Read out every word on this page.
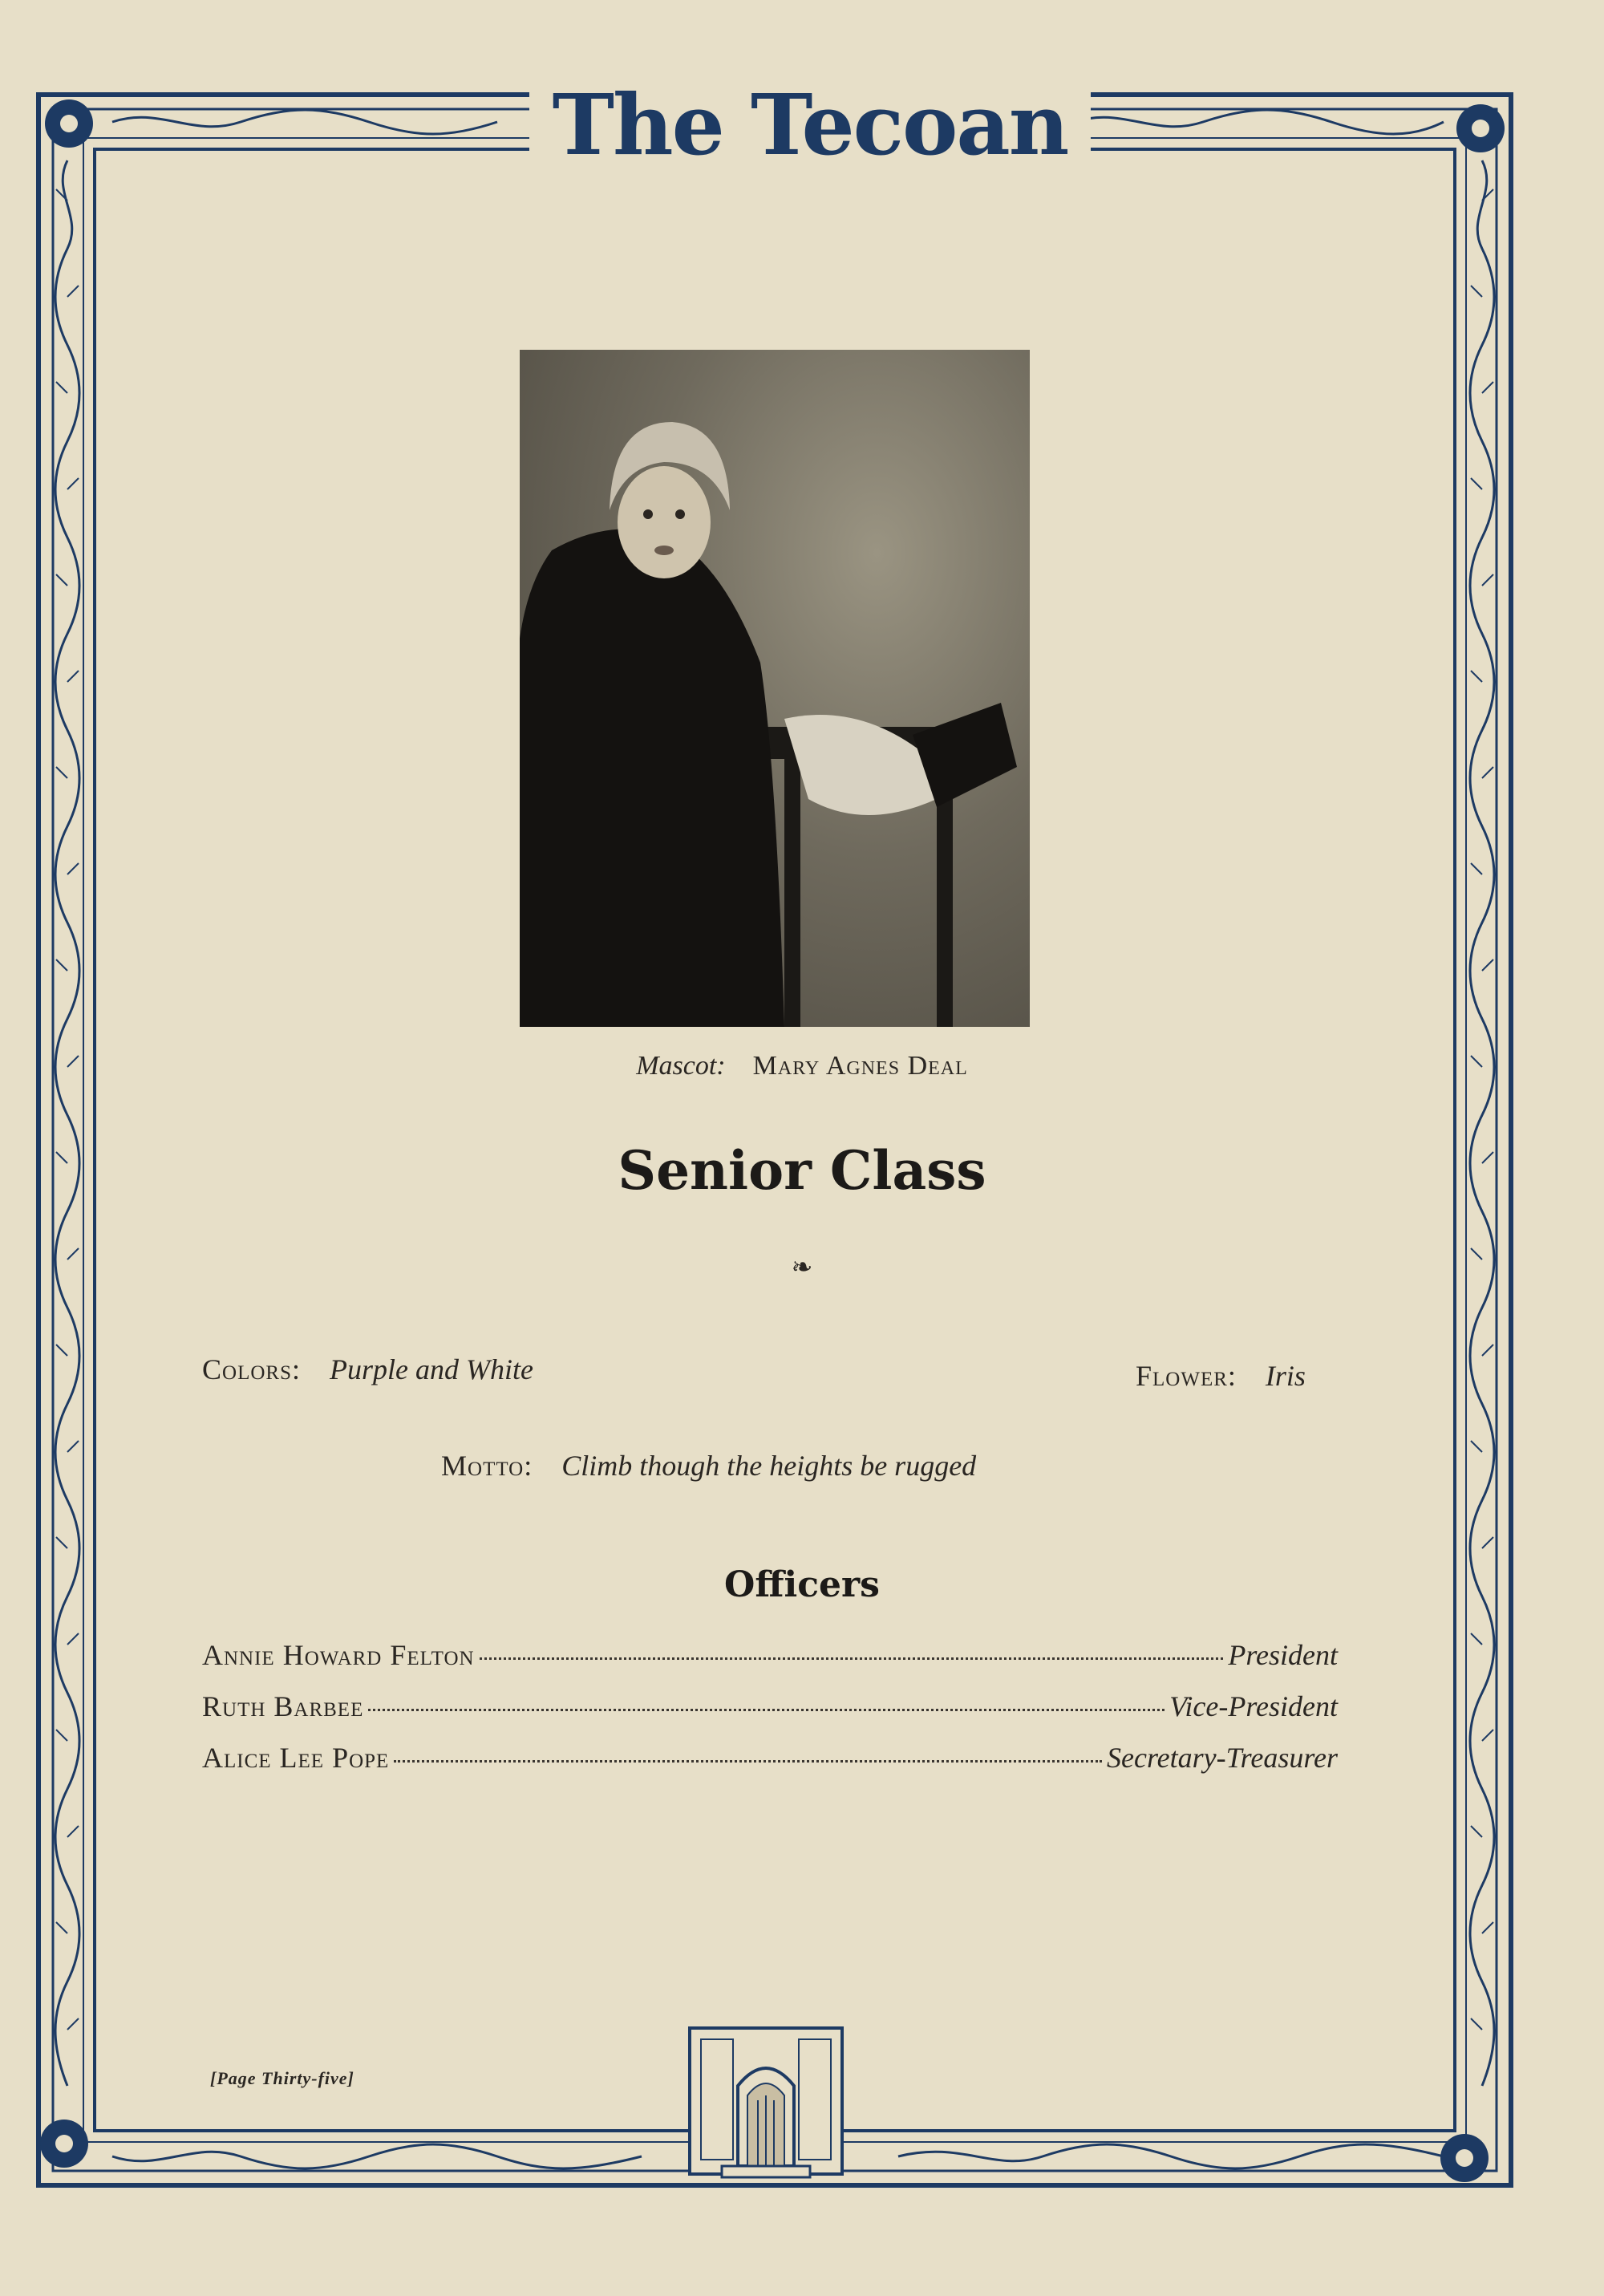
The Tecoan
Mascot: Mary Agnes Deal
Senior Class
❧
Colors: Purple and White	Flower: Iris
Motto: Climb though the heights be rugged
Officers
Annie Howard Felton	President
Ruth Barbee	Vice-President
Alice Lee Pope	Secretary-Treasurer
[Page Thirty-five]
